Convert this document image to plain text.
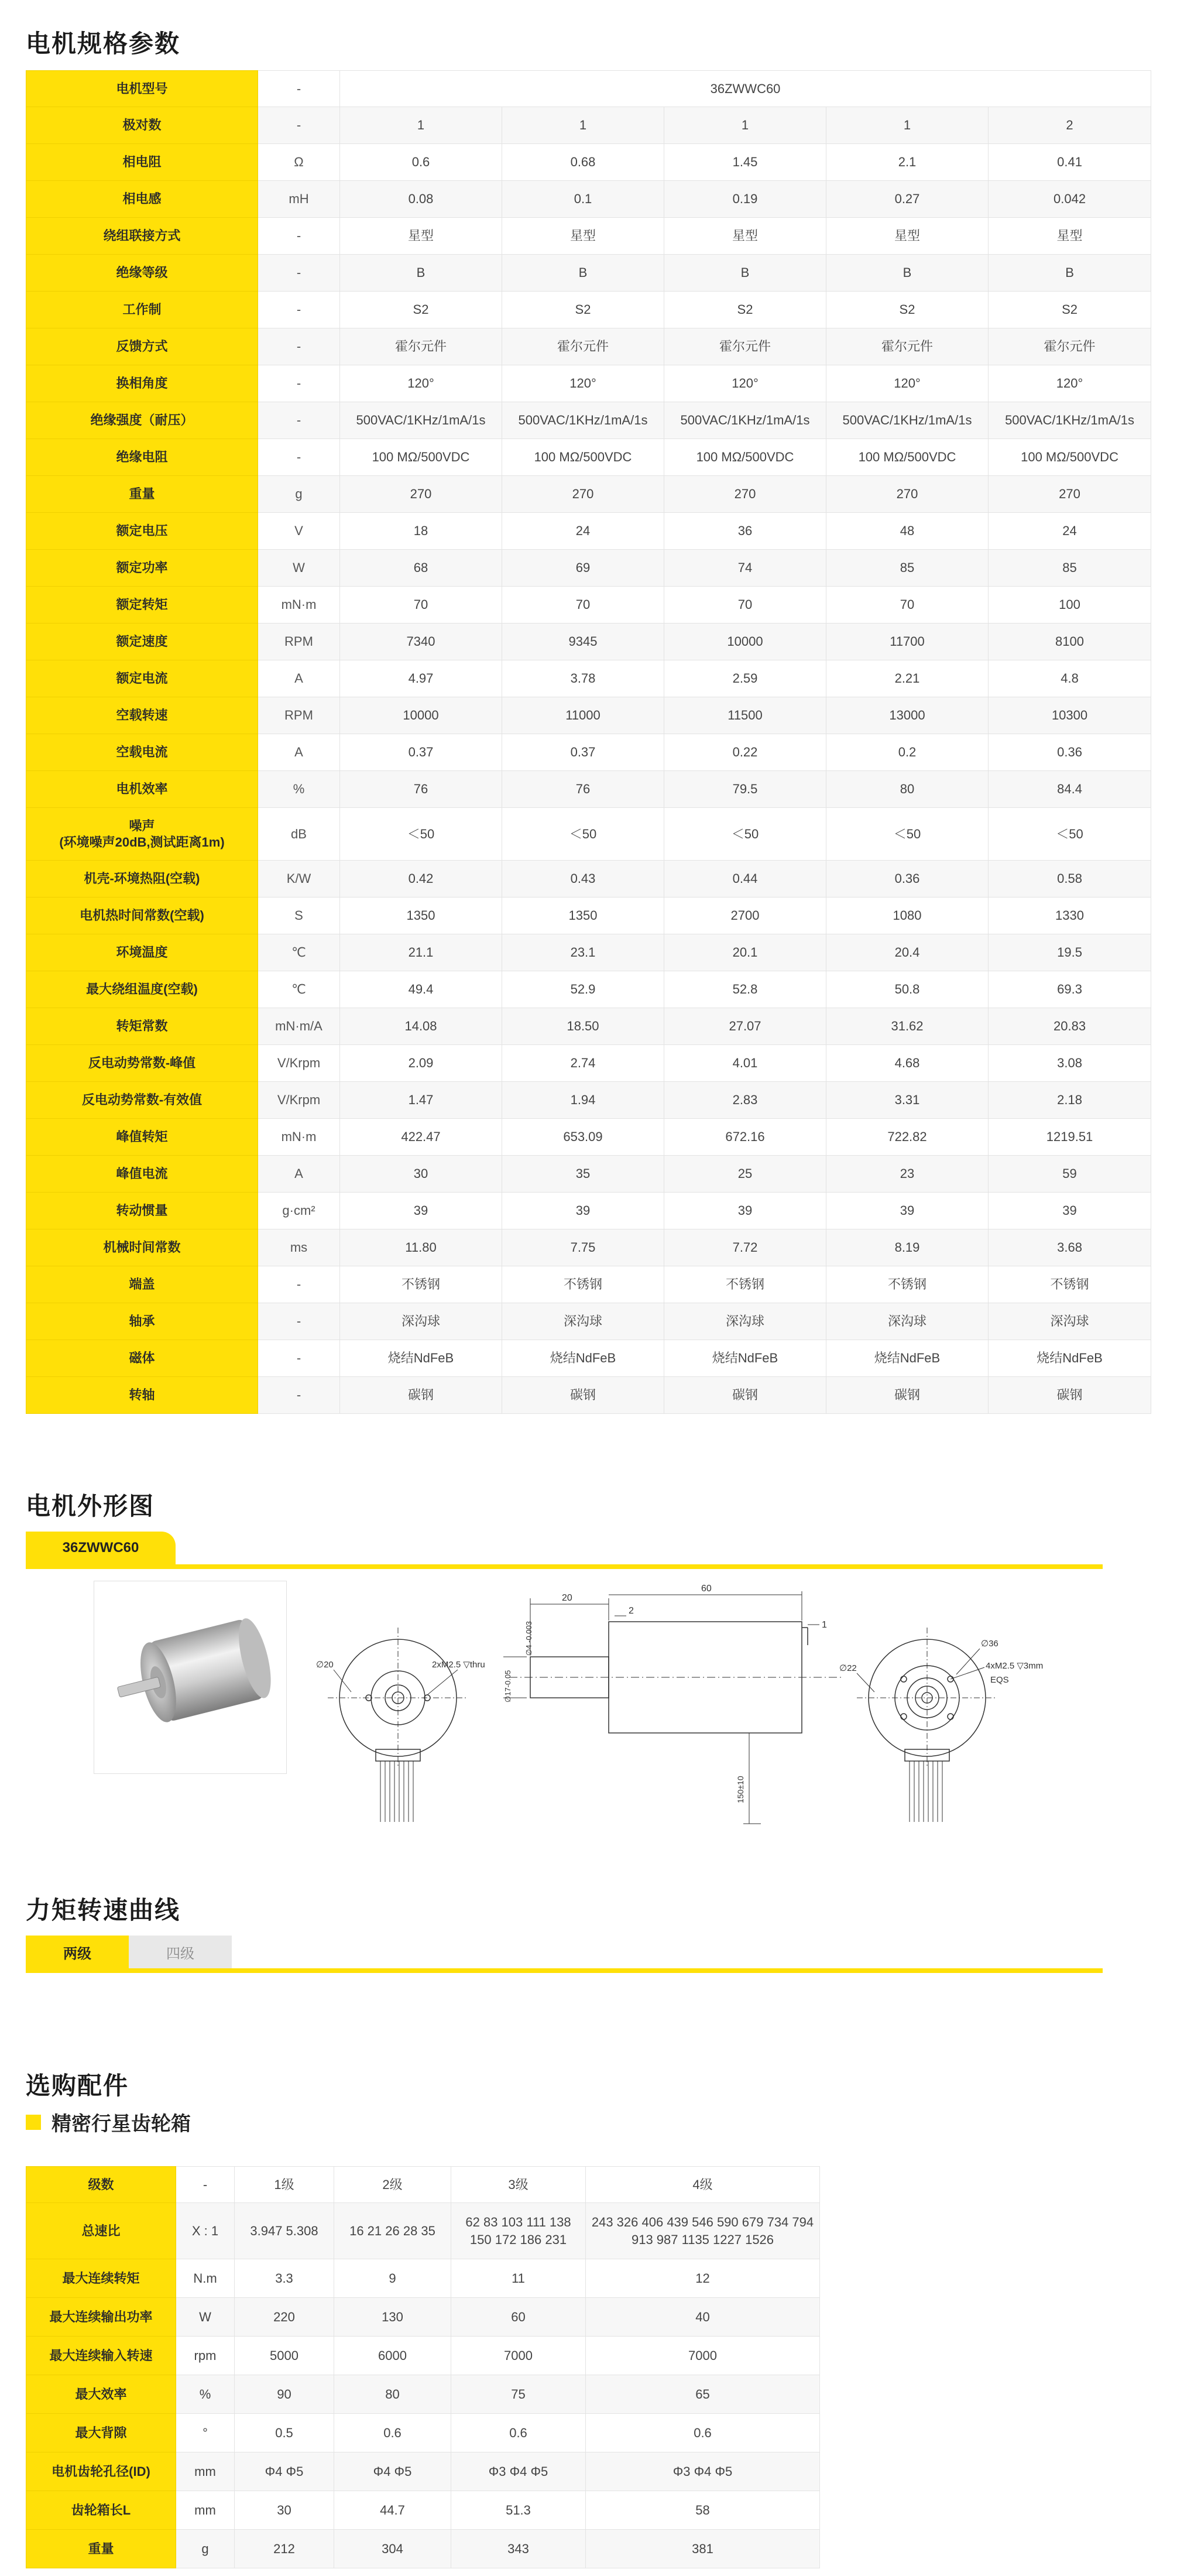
电机规格参数
电机型号	-	36ZWWC60				

极对数	-	1	1	1	1	2

相电阻	Ω	0.6	0.68	1.45	2.1	0.41

相电感	mH	0.08	0.1	0.19	0.27	0.042

绕组联接方式	-	星型	星型	星型	星型	星型

绝缘等级	-	B	B	B	B	B

工作制	-	S2	S2	S2	S2	S2

反馈方式	-	霍尔元件	霍尔元件	霍尔元件	霍尔元件	霍尔元件

换相角度	-	120°	120°	120°	120°	120°

绝缘强度（耐压）	-	500VAC/1KHz/1mA/1s	500VAC/1KHz/1mA/1s	500VAC/1KHz/1mA/1s	500VAC/1KHz/1mA/1s	500VAC/1KHz/1mA/1s

绝缘电阻	-	100 MΩ/500VDC	100 MΩ/500VDC	100 MΩ/500VDC	100 MΩ/500VDC	100 MΩ/500VDC

重量	g	270	270	270	270	270

额定电压	V	18	24	36	48	24

额定功率	W	68	69	74	85	85

额定转矩	mN·m	70	70	70	70	100

额定速度	RPM	7340	9345	10000	11700	8100

额定电流	A	4.97	3.78	2.59	2.21	4.8

空载转速	RPM	10000	11000	11500	13000	10300

空载电流	A	0.37	0.37	0.22	0.2	0.36

电机效率	%	76	76	79.5	80	84.4

噪声
(环境噪声20dB,测试距离1m)	dB	＜50	＜50	＜50	＜50	＜50

机壳-环境热阻(空载)	K/W	0.42	0.43	0.44	0.36	0.58

电机热时间常数(空载)	S	1350	1350	2700	1080	1330

环境温度	℃	21.1	23.1	20.1	20.4	19.5

最大绕组温度(空载)	℃	49.4	52.9	52.8	50.8	69.3

转矩常数	mN·m/A	14.08	18.50	27.07	31.62	20.83

反电动势常数-峰值	V/Krpm	2.09	2.74	4.01	4.68	3.08

反电动势常数-有效值	V/Krpm	1.47	1.94	2.83	3.31	2.18

峰值转矩	mN·m	422.47	653.09	672.16	722.82	1219.51

峰值电流	A	30	35	25	23	59

转动惯量	g·cm²	39	39	39	39	39

机械时间常数	ms	11.80	7.75	7.72	8.19	3.68

端盖	-	不锈钢	不锈钢	不锈钢	不锈钢	不锈钢

轴承	-	深沟球	深沟球	深沟球	深沟球	深沟球

磁体	-	烧结NdFeB	烧结NdFeB	烧结NdFeB	烧结NdFeB	烧结NdFeB

转轴	-	碳钢	碳钢	碳钢	碳钢	碳钢
电机外形图
36ZWWC60
∅20	2xM2.5 ▽thru
20
60
2
1
∅4 -0.003
∅17-0.05
150±10
∅36
4xM2.5 ▽3mm
EQS
∅22
力矩转速曲线
两级	四级
选购配件
精密行星齿轮箱
级数	-	1级	2级	3级	4级
总速比	X : 1	3.947 5.308	16 21 26 28 35	62 83 103 111 138 150 172 186 231	243 326 406 439 546 590 679 734 794 913 987 1135 1227 1526
最大连续转矩	N.m	3.3	9	11	12
最大连续输出功率	W	220	130	60	40
最大连续输入转速	rpm	5000	6000	7000	7000
最大效率	%	90	80	75	65
最大背隙	°	0.5	0.6	0.6	0.6
电机齿轮孔径(ID)	mm	Φ4 Φ5	Φ4 Φ5	Φ3 Φ4 Φ5	Φ3 Φ4 Φ5
齿轮箱长L	mm	30	44.7	51.3	58
重量	g	212	304	343	381
